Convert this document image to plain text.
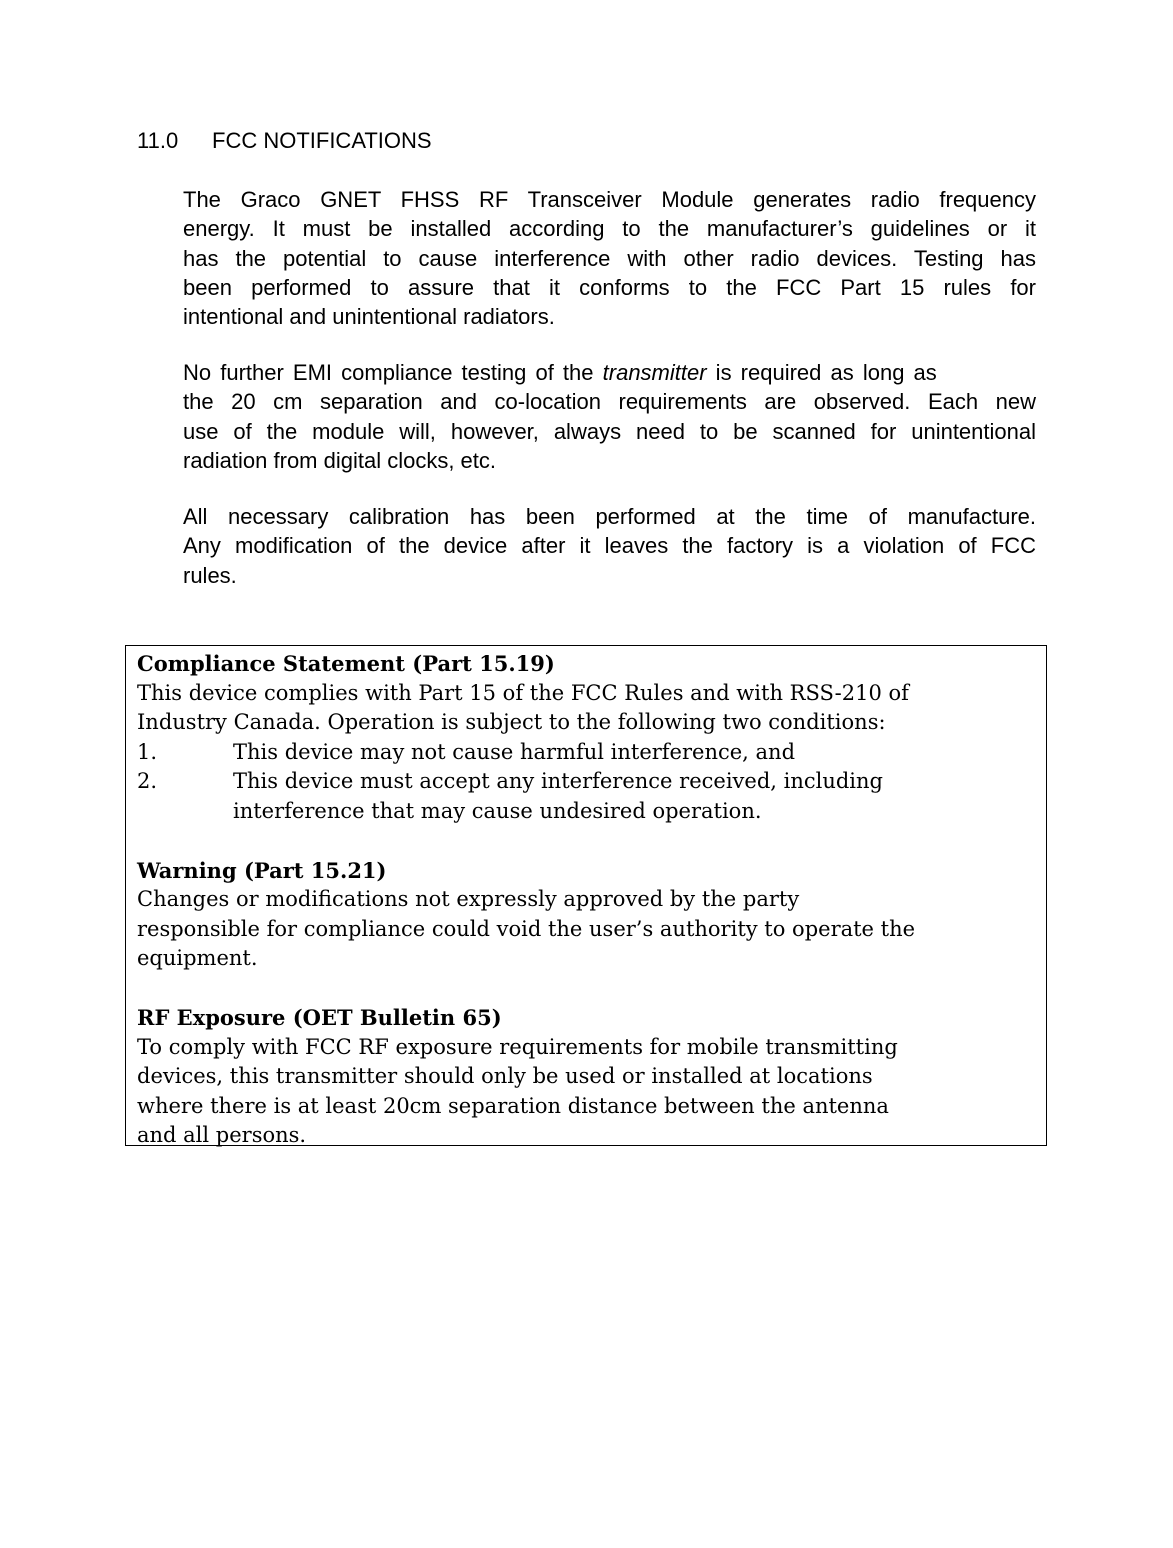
11.0 FCC NOTIFICATIONS
The Graco GNET FHSS RF Transceiver Module generates radio frequency
energy. It must be installed according to the manufacturer’s guidelines or it
has the potential to cause interference with other radio devices. Testing has
been performed to assure that it conforms to the FCC Part 15 rules for
intentional and unintentional radiators.
No further EMI compliance testing of the transmitter is required as long as
the 20 cm separation and co-location requirements are observed. Each new
use of the module will, however, always need to be scanned for unintentional
radiation from digital clocks, etc.
All necessary calibration has been performed at the time of manufacture.
Any modification of the device after it leaves the factory is a violation of FCC
rules.
Compliance Statement (Part 15.19)
This device complies with Part 15 of the FCC Rules and with RSS-210 of
Industry Canada. Operation is subject to the following two conditions:
1.	This device may not cause harmful interference, and
2.	This device must accept any interference received, including
interference that may cause undesired operation.
Warning (Part 15.21)
Changes or modifications not expressly approved by the party
responsible for compliance could void the user’s authority to operate the
equipment.
RF Exposure (OET Bulletin 65)
To comply with FCC RF exposure requirements for mobile transmitting
devices, this transmitter should only be used or installed at locations
where there is at least 20cm separation distance between the antenna
and all persons.
